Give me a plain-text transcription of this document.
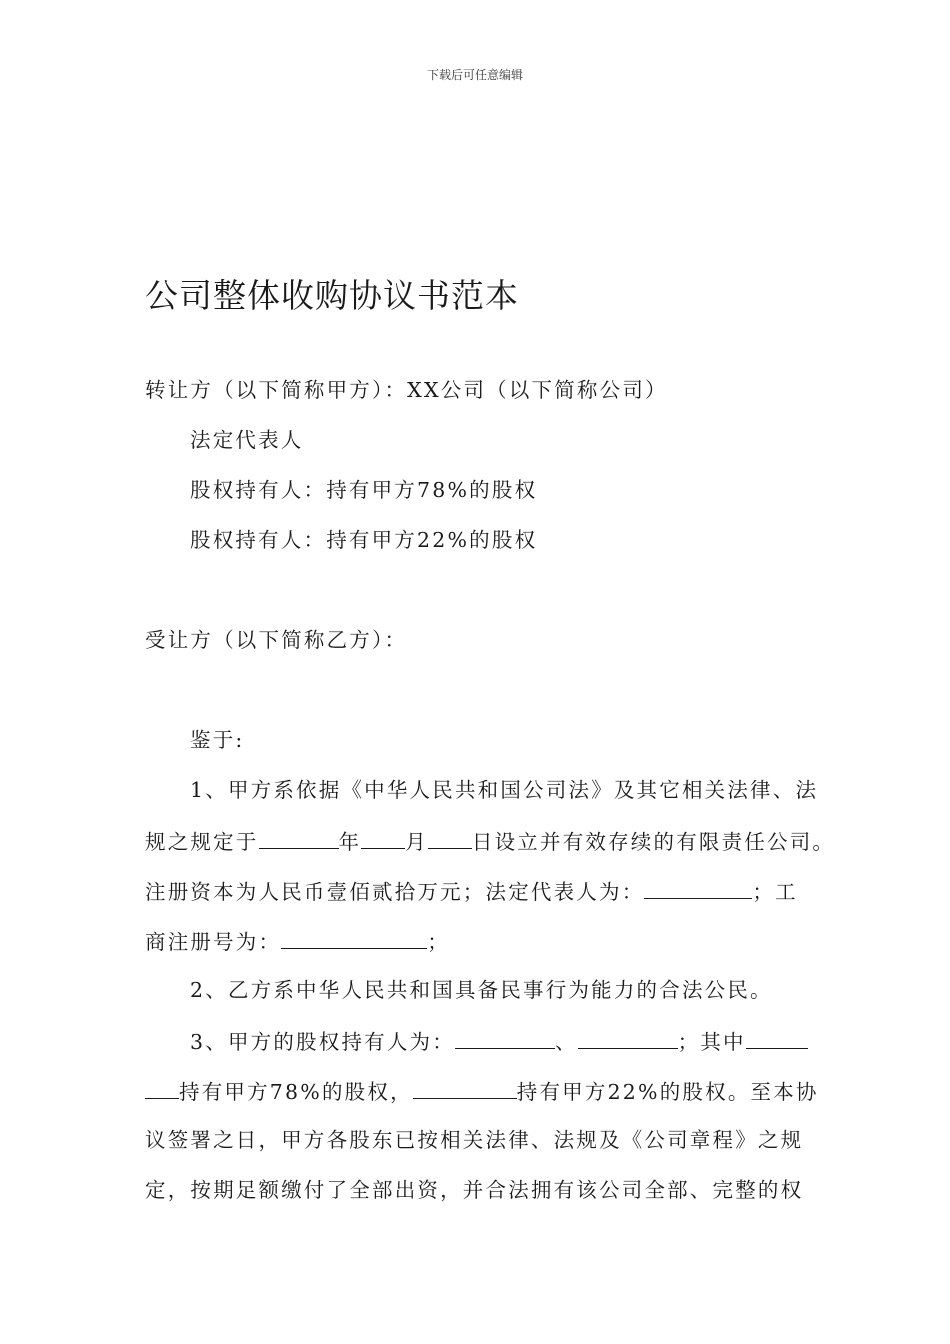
下载后可任意编辑
公司整体收购协议书范本
转让方（以下简称甲方）：XX公司（以下简称公司）
法定代表人
股权持有人：持有甲方78%的股权
股权持有人：持有甲方22%的股权
受让方（以下简称乙方）：
鉴于:
1、甲方系依据《中华人民共和国公司法》及其它相关法律、法
规之规定于	年 月 日设立并有效存续的有限责任公司。
注册资本为人民币壹佰贰拾万元；法定代表人为：	；工
商注册号为：	；
2、乙方系中华人民共和国具备民事行为能力的合法公民。
3、甲方的股权持有人为：	、	；其中
持有甲方78%的股权，	持有甲方22%的股权。至本协
议签署之日，甲方各股东已按相关法律、法规及《公司章程》之规
定，按期足额缴付了全部出资，并合法拥有该公司全部、完整的权
